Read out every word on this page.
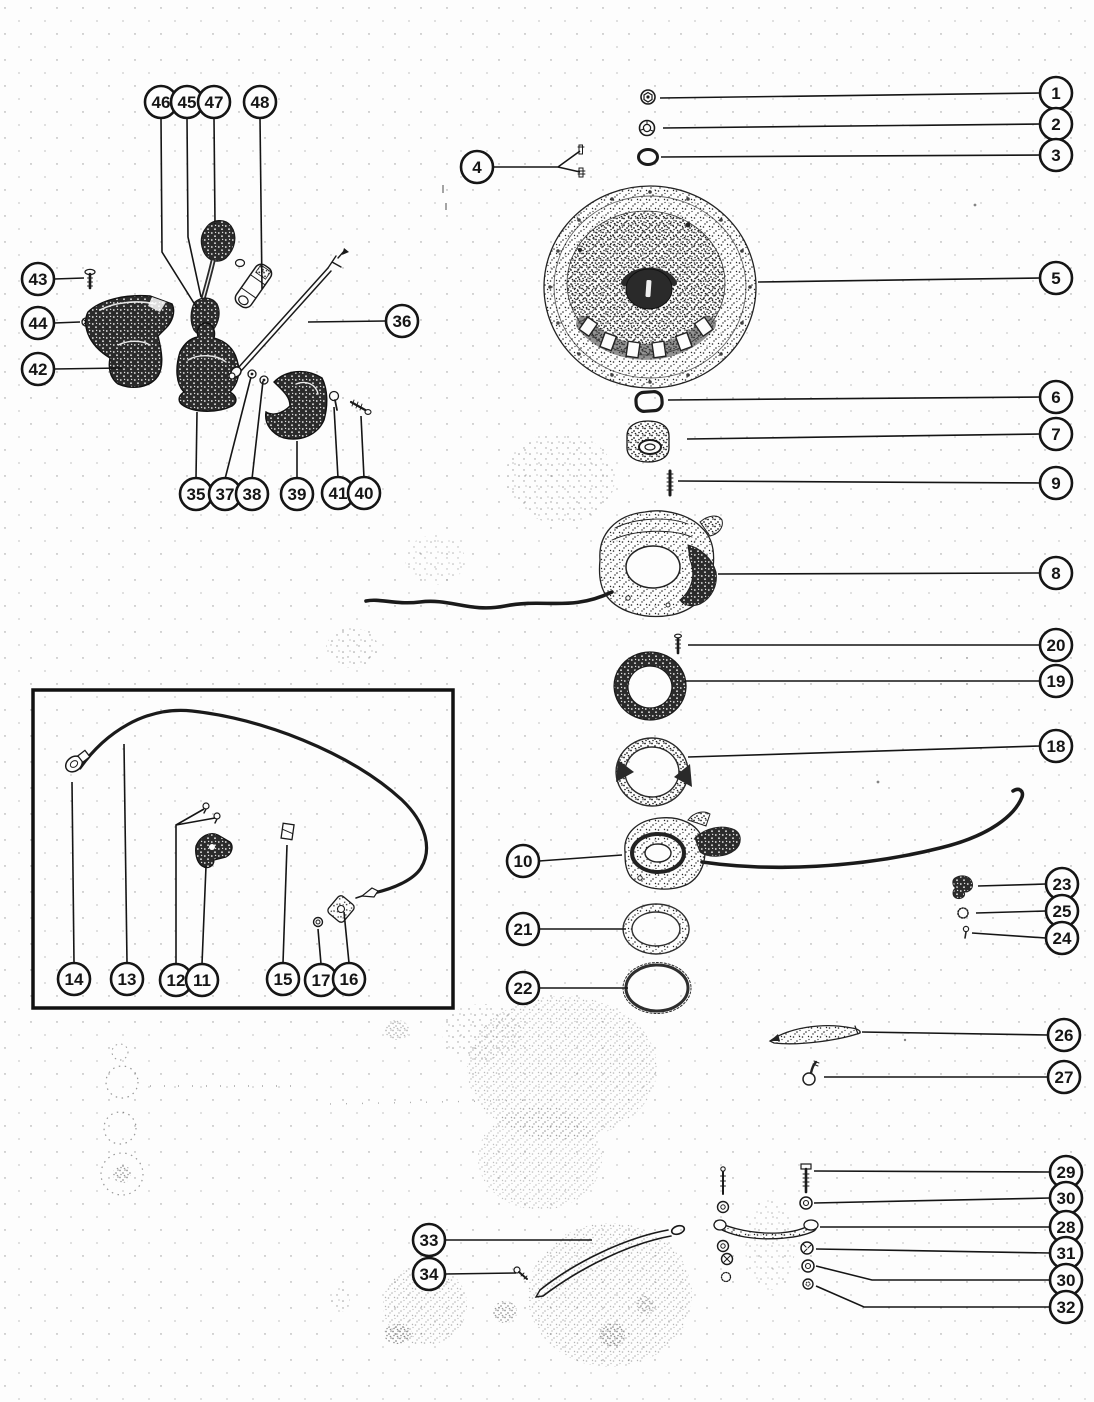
1
2
3
4
5
6
7
9
8
20
19
18
10
21
22
23
25
24
26
27
29
30
28
31
30
32
33
34
46 45 47 48
43
44
42
36
35 37 38 39 41 40
14 13 12 11	15 17 16
